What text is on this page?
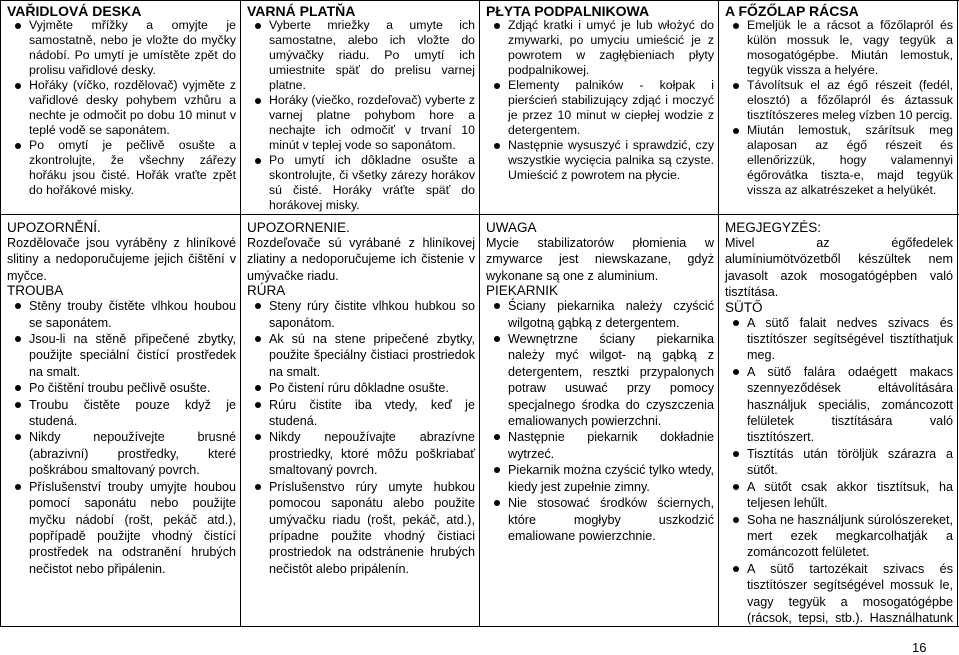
VAŘIDLOVÁ DESKA
Vyjměte mřížky a omyjte je samostatně, nebo je vložte do myčky nádobí. Po umytí je umístěte zpět do prolisu vařidlové desky.
Hořáky (víčko, rozdělovač) vyjměte z vařidlové desky pohybem vzhůru a nechte je odmočit po dobu 10 minut v teplé vodě se saponátem.
Po omytí je pečlivě osušte a zkontrolujte, že všechny zářezy hořáku jsou čisté. Hořák vraťte zpět do hořákové misky.
VARNÁ PLATŇA
Vyberte mriežky a umyte ich samostatne, alebo ich vložte do umývačky riadu. Po umytí ich umiestnite späť do prelisu varnej platne.
Horáky (viečko, rozdeľovač) vyberte z varnej platne pohybom hore a nechajte ich odmočiť v trvaní 10 minút v teplej vode so saponátom.
Po umytí ich dôkladne osušte a skontrolujte, či všetky zárezy horákov sú čisté. Horáky vráťte späť do horákovej misky.
PŁYTA PODPALNIKOWA
Zdjąć kratki i umyć je lub włożyć do zmywarki, po umyciu umieścić je z powrotem w zagłębieniach płyty podpalnikowej.
Elementy palników - kołpak i pierścień stabilizujący zdjąć i moczyć je przez 10 minut w ciepłej wodzie z detergentem.
Następnie wysuszyć i sprawdzić, czy wszystkie wycięcia palnika są czyste. Umieścić z powrotem na płycie.
A FŐZŐLAP RÁCSA
Emeljük le a rácsot a főzőlapról és külön mossuk le, vagy tegyük a mosogatógépbe. Miután lemostuk, tegyük vissza a helyére.
Távolítsuk el az égő részeit (fedél, elosztó) a főzőlapról és áztassuk tisztítószeres meleg vízben 10 percig.
Miután lemostuk, szárítsuk meg alaposan az égő részeit és ellenőrizzük, hogy valamennyi égőrovátka tiszta-e, majd tegyük vissza az alkatrészeket a helyükét.
UPOZORNĚNÍ.
Rozdělovače jsou vyráběny z hliníkové slitiny a nedoporučujeme jejich čištění v myčce.
TROUBA
Stěny trouby čistěte vlhkou houbou se saponátem.
Jsou-li na stěně připečené zbytky, použijte speciální čistící prostředek na smalt.
Po čištění troubu pečlivě osušte.
Troubu čistěte pouze když je studená.
Nikdy nepoužívejte brusné (abrazivní) prostředky, které poškrábou smaltovaný povrch.
Příslušenství trouby umyjte houbou pomocí saponátu nebo použijte myčku nádobí (rošt, pekáč atd.), popřípadě použijte vhodný čistící prostředek na odstranění hrubých nečistot nebo připálenin.
UPOZORNENIE.
Rozdeľovače sú vyrábané z hliníkovej zliatiny a nedoporučujeme ich čistenie v umývačke riadu.
RÚRA
Steny rúry čistite vlhkou hubkou so saponátom.
Ak sú na stene pripečené zbytky, použite špeciálny čistiaci prostriedok na smalt.
Po čistení rúru dôkladne osušte.
Rúru čistite iba vtedy, keď je studená.
Nikdy nepoužívajte abrazívne prostriedky, ktoré môžu poškriabať smaltovaný povrch.
Príslušenstvo rúry umyte hubkou pomocou saponátu alebo použite umývačku riadu (rošt, pekáč, atd.), prípadne použite vhodný čistiaci prostriedok na odstránenie hrubých nečistôt alebo pripálenín.
UWAGA
Mycie stabilizatorów płomienia w zmywarce jest niewskazane, gdyż wykonane są one z aluminium.
PIEKARNIK
Ściany piekarnika należy czyścić wilgotną gąbką z detergentem.
Wewnętrzne ściany piekarnika należy myć wilgot- ną gąbką z detergentem, resztki przypalonych potraw usuwać przy pomocy specjalnego środka do czyszczenia emaliowanych powierzchni.
Następnie piekarnik dokładnie wytrzeć.
Piekarnik można czyścić tylko wtedy, kiedy jest zupełnie zimny.
Nie stosować środków ściernych, które mogłyby uszkodzić emaliowane powierzchnie.
MEGJEGYZÉS:
Mivel az égőfedelek alumíniumötvözetből készültek nem javasolt azok mosogatógépben való tisztítása.
SÜTŐ
A sütő falait nedves szivacs és tisztítószer segítségével tisztíthatjuk meg.
A sütő falára odaégett makacs szennyeződések eltávolítására használjuk speciális, zománcozott felületek tisztítására való tisztítószert.
Tisztítás után töröljük szárazra a sütőt.
A sütőt csak akkor tisztítsuk, ha teljesen lehűlt.
Soha ne használjunk súrolószereket, mert ezek megkarcolhatják a zománcozott felületet.
A sütő tartozékait szivacs és tisztítószer segítségével mossuk le, vagy tegyük a mosogatógépbe (rácsok, tepsi, stb.). Használhatunk
16
